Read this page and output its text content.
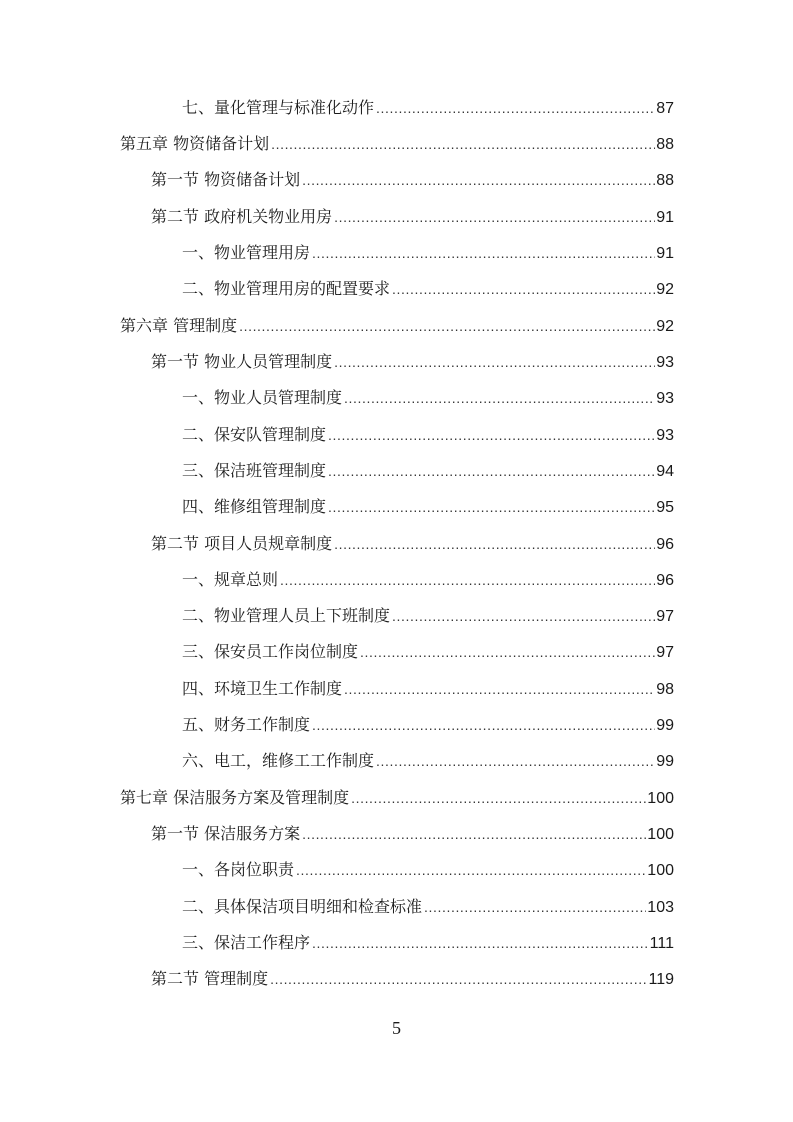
七、量化管理与标准化动作 .....	87
第五章 物资储备计划 .....	88
第一节 物资储备计划 .....	88
第二节 政府机关物业用房 .....	91
一、物业管理用房 .....	91
二、物业管理用房的配置要求 .....	92
第六章 管理制度 .....	92
第一节 物业人员管理制度 .....	93
一、物业人员管理制度 .....	93
二、保安队管理制度 .....	93
三、保洁班管理制度 .....	94
四、维修组管理制度 .....	95
第二节 项目人员规章制度 .....	96
一、规章总则 .....	96
二、物业管理人员上下班制度 .....	97
三、保安员工作岗位制度 .....	97
四、环境卫生工作制度 .....	98
五、财务工作制度 .....	99
六、电工，维修工工作制度 .....	99
第七章 保洁服务方案及管理制度 .....	100
第一节 保洁服务方案 .....	100
一、各岗位职责 .....	100
二、具体保洁项目明细和检查标准 .....	103
三、保洁工作程序 .....	111
第二节 管理制度 .....	119
5
